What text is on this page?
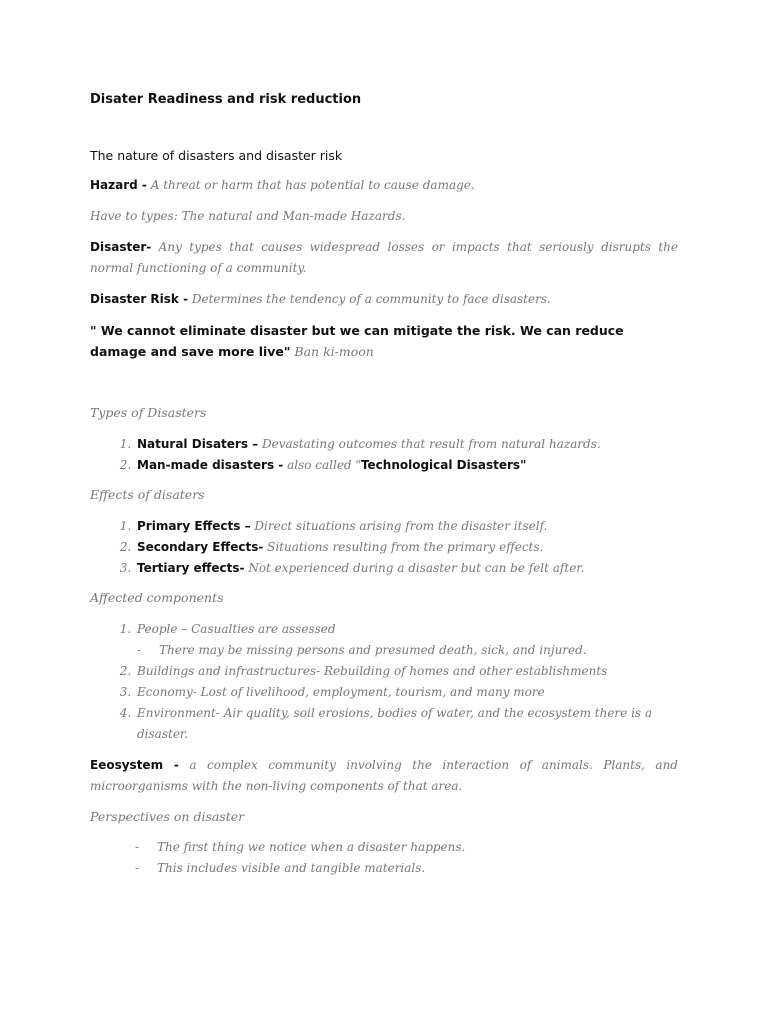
Disater Readiness and risk reduction
The nature of disasters and disaster risk
Hazard - A threat or harm that has potential to cause damage.
Have to types: The natural and Man-made Hazards.
Disaster- Any types that causes widespread losses or impacts that seriously disrupts the normal functioning of a community.
Disaster Risk - Determines the tendency of a community to face disasters.
" We cannot eliminate disaster but we can mitigate the risk. We can reduce damage and save more live" Ban ki-moon
Types of Disasters
1. Natural Disaters – Devastating outcomes that result from natural hazards.
2. Man-made disasters - also called "Technological Disasters"
Effects of disaters
1. Primary Effects – Direct situations arising from the disaster itself.
2. Secondary Effects- Situations resulting from the primary effects.
3. Tertiary effects- Not experienced during a disaster but can be felt after.
Affected components
1. People – Casualties are assessed
- There may be missing persons and presumed death, sick, and injured.
2. Buildings and infrastructures- Rebuilding of homes and other establishments
3. Economy- Lost of livelihood, employment, tourism, and many more
4. Environment- Air quality, soil erosions, bodies of water, and the ecosystem there is a disaster.
Eeosystem - a complex community involving the interaction of animals. Plants, and microorganisms with the non-living components of that area.
Perspectives on disaster
- The first thing we notice when a disaster happens.
- This includes visible and tangible materials.
